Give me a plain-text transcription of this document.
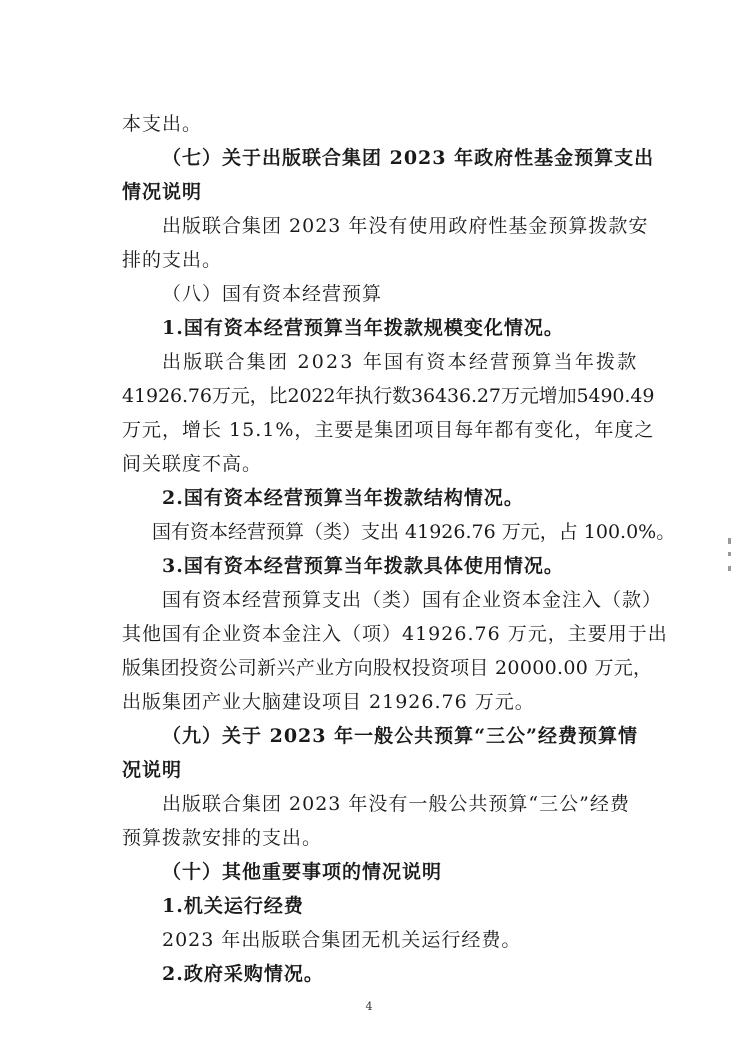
本支出。
（七）关于出版联合集团 2023 年政府性基金预算支出
情况说明
出版联合集团 2023 年没有使用政府性基金预算拨款安
排的支出。
（八）国有资本经营预算
1.国有资本经营预算当年拨款规模变化情况。
出版联合集团 2023 年国有资本经营预算当年拨款
41926.76万元，比2022年执行数36436.27万元增加5490.49
万元，增长 15.1%，主要是集团项目每年都有变化，年度之
间关联度不高。
2.国有资本经营预算当年拨款结构情况。
国有资本经营预算（类）支出 41926.76 万元，占 100.0%。
3.国有资本经营预算当年拨款具体使用情况。
国有资本经营预算支出（类）国有企业资本金注入（款）
其他国有企业资本金注入（项）41926.76 万元，主要用于出
版集团投资公司新兴产业方向股权投资项目 20000.00 万元，
出版集团产业大脑建设项目 21926.76 万元。
（九）关于 2023 年一般公共预算“三公”经费预算情
况说明
出版联合集团 2023 年没有一般公共预算“三公”经费
预算拨款安排的支出。
（十）其他重要事项的情况说明
1.机关运行经费
2023 年出版联合集团无机关运行经费。
2.政府采购情况。
4
